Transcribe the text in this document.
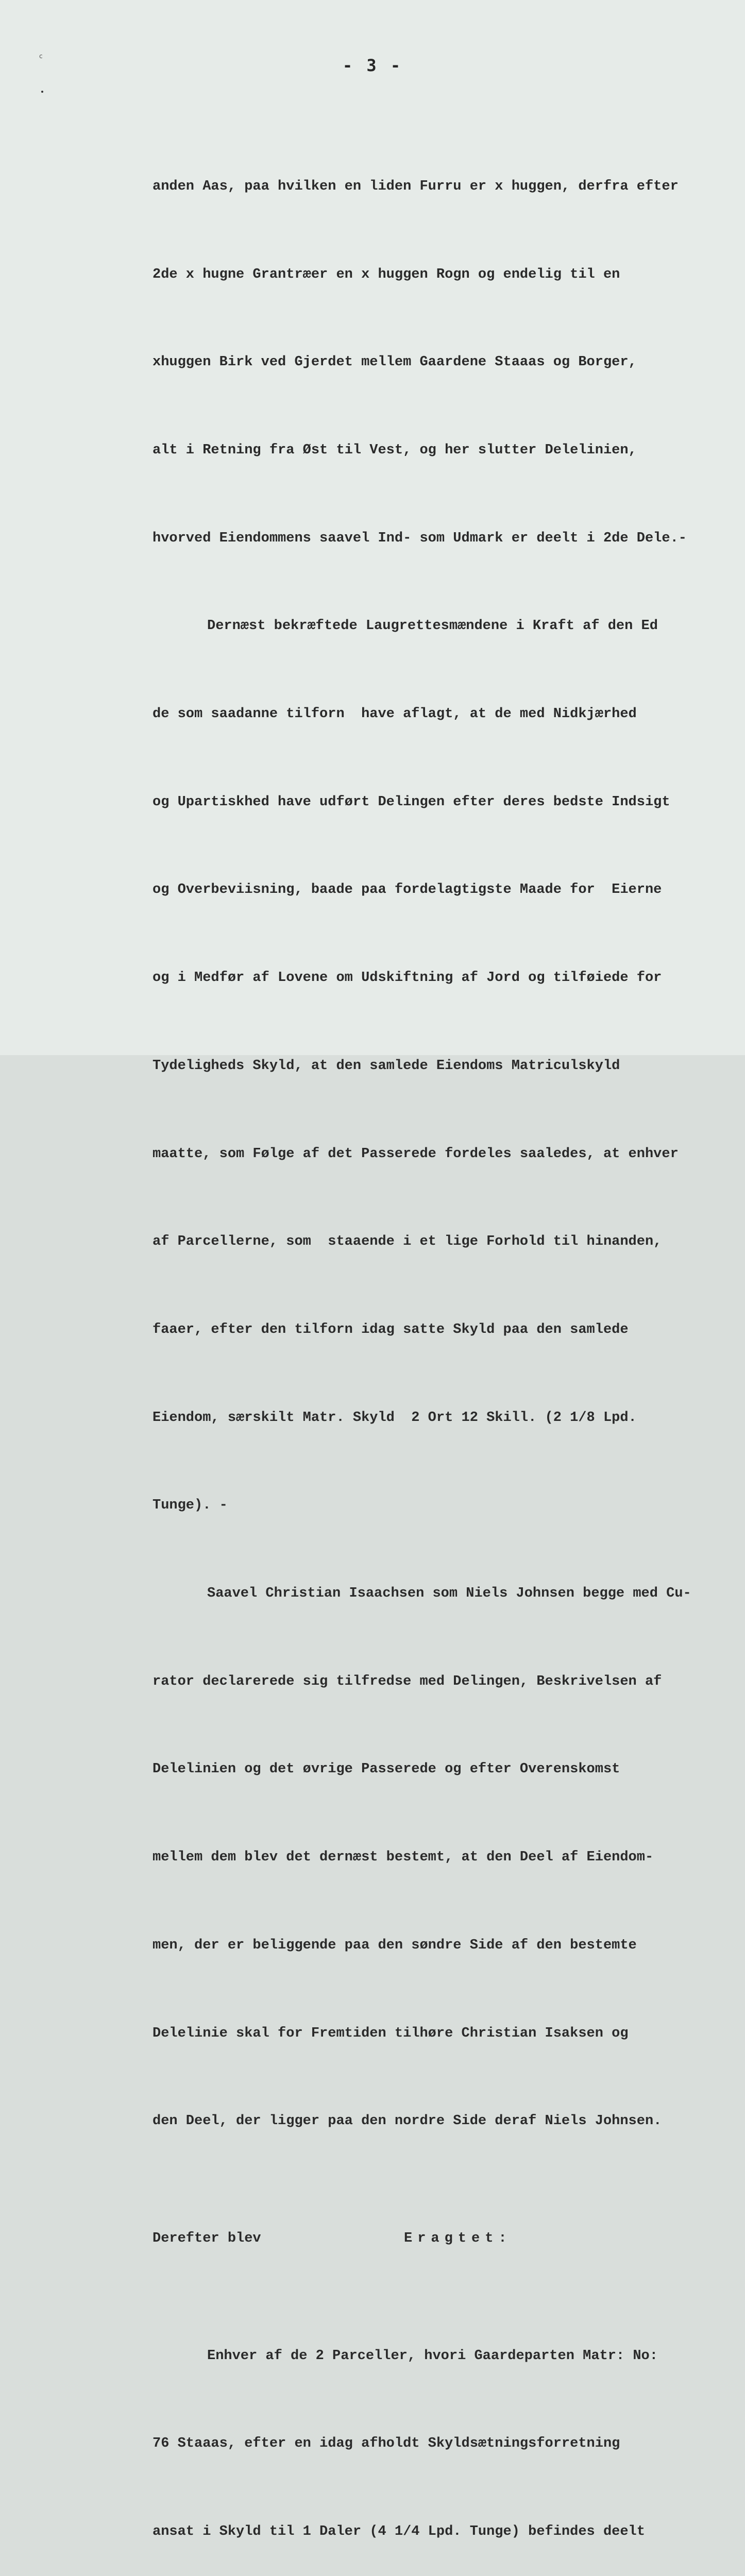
c	- 3 -

anden Aas, paa hvilken en liden Furru er x huggen, derfra efter

2de x hugne Grantræer en x huggen Rogn og endelig til en

xhuggen Birk ved Gjerdet mellem Gaardene Staaas og Borger,

alt i Retning fra Øst til Vest, og her slutter Delelinien,

hvorved Eiendommens saavel Ind- som Udmark er deelt i 2de Dele.-

Dernæst bekræftede Laugrettesmændene i Kraft af den Ed

de som saadanne tilforn  have aflagt, at de med Nidkjærhed

og Upartiskhed have udført Delingen efter deres bedste Indsigt

og Overbeviisning, baade paa fordelagtigste Maade for  Eierne

og i Medfør af Lovene om Udskiftning af Jord og tilføiede for

Tydeligheds Skyld, at den samlede Eiendoms Matriculskyld

maatte, som Følge af det Passerede fordeles saaledes, at enhver

af Parcellerne, som  staaende i et lige Forhold til hinanden,

faaer, efter den tilforn idag satte Skyld paa den samlede

Eiendom, særskilt Matr. Skyld  2 Ort 12 Skill. (2 1/8 Lpd.

Tunge). -

Saavel Christian Isaachsen som Niels Johnsen begge med Cu-

rator declarerede sig tilfredse med Delingen, Beskrivelsen af

Delelinien og det øvrige Passerede og efter Overenskomst

mellem dem blev det dernæst bestemt, at den Deel af Eiendom-

men, der er beliggende paa den søndre Side af den bestemte

Delelinie skal for Fremtiden tilhøre Christian Isaksen og

den Deel, der ligger paa den nordre Side deraf Niels Johnsen.

Derefter blev	Eragtet:

Enhver af de 2 Parceller, hvori Gaardeparten Matr: No:

76 Staaas, efter en idag afholdt Skyldsætningsforretning

ansat i Skyld til 1 Daler (4 1/4 Lpd. Tunge) befindes deelt
